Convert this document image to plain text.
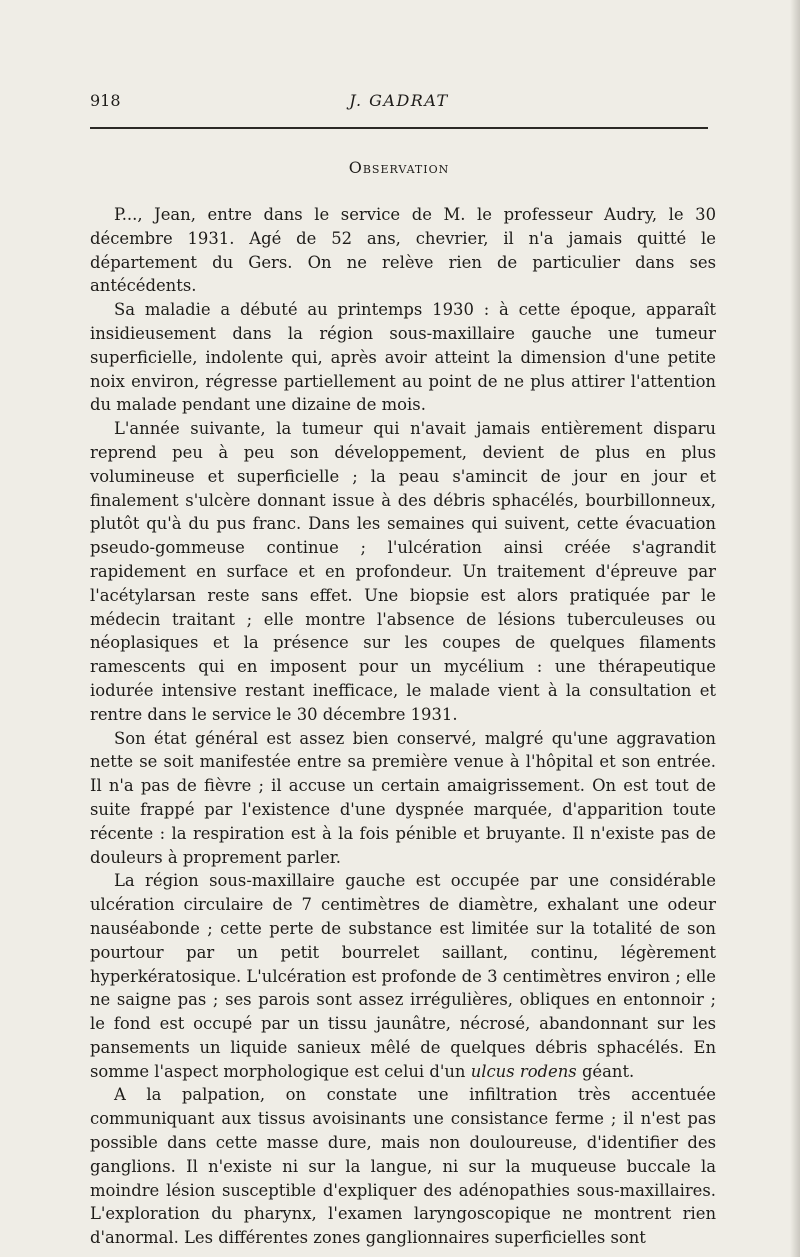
918	J. GADRAT
Observation

P..., Jean, entre dans le service de M. le professeur Audry, le 30 décembre 1931. Agé de 52 ans, chevrier, il n'a jamais quitté le département du Gers. On ne relève rien de particulier dans ses antécédents.

Sa maladie a débuté au printemps 1930 : à cette époque, apparaît insidieusement dans la région sous-maxillaire gauche une tumeur superficielle, indolente qui, après avoir atteint la dimension d'une petite noix environ, régresse partiellement au point de ne plus attirer l'attention du malade pendant une dizaine de mois.

L'année suivante, la tumeur qui n'avait jamais entièrement disparu reprend peu à peu son développement, devient de plus en plus volumineuse et superficielle ; la peau s'amincit de jour en jour et finalement s'ulcère donnant issue à des débris sphacélés, bourbillonneux, plutôt qu'à du pus franc. Dans les semaines qui suivent, cette évacuation pseudo-gommeuse continue ; l'ulcération ainsi créée s'agrandit rapidement en surface et en profondeur. Un traitement d'épreuve par l'acétylarsan reste sans effet. Une biopsie est alors pratiquée par le médecin traitant ; elle montre l'absence de lésions tuberculeuses ou néoplasiques et la présence sur les coupes de quelques filaments ramescents qui en imposent pour un mycélium : une thérapeutique iodurée intensive restant inefficace, le malade vient à la consultation et rentre dans le service le 30 décembre 1931.

Son état général est assez bien conservé, malgré qu'une aggravation nette se soit manifestée entre sa première venue à l'hôpital et son entrée. Il n'a pas de fièvre ; il accuse un certain amaigrissement. On est tout de suite frappé par l'existence d'une dyspnée marquée, d'apparition toute récente : la respiration est à la fois pénible et bruyante. Il n'existe pas de douleurs à proprement parler.

La région sous-maxillaire gauche est occupée par une considérable ulcération circulaire de 7 centimètres de diamètre, exhalant une odeur nauséabonde ; cette perte de substance est limitée sur la totalité de son pourtour par un petit bourrelet saillant, continu, légèrement hyperkératosique. L'ulcération est profonde de 3 centimètres environ ; elle ne saigne pas ; ses parois sont assez irrégulières, obliques en entonnoir ; le fond est occupé par un tissu jaunâtre, nécrosé, abandonnant sur les pansements un liquide sanieux mêlé de quelques débris sphacélés. En somme l'aspect morphologique est celui d'un ulcus rodens géant.

A la palpation, on constate une infiltration très accentuée communiquant aux tissus avoisinants une consistance ferme ; il n'est pas possible dans cette masse dure, mais non douloureuse, d'identifier des ganglions. Il n'existe ni sur la langue, ni sur la muqueuse buccale la moindre lésion susceptible d'expliquer des adénopathies sous-maxillaires. L'exploration du pharynx, l'examen laryngoscopique ne montrent rien d'anormal. Les différentes zones ganglionnaires superficielles sont
